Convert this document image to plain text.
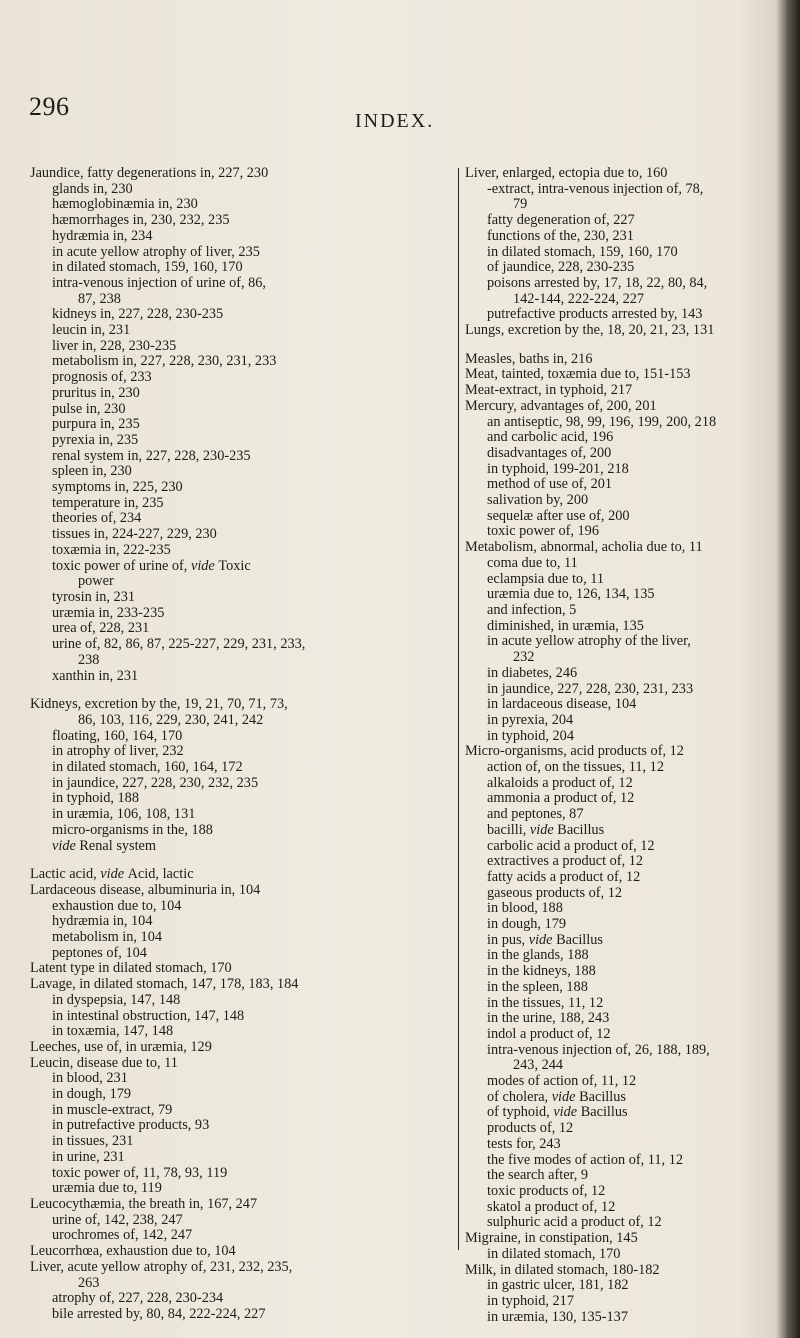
296	INDEX.
Jaundice, fatty degenerations in, 227, 230
glands in, 230
hæmoglobinæmia in, 230
hæmorrhages in, 230, 232, 235
hydræmia in, 234
in acute yellow atrophy of liver, 235
in dilated stomach, 159, 160, 170
intra-venous injection of urine of, 86,
87, 238
kidneys in, 227, 228, 230-235
leucin in, 231
liver in, 228, 230-235
metabolism in, 227, 228, 230, 231, 233
prognosis of, 233
pruritus in, 230
pulse in, 230
purpura in, 235
pyrexia in, 235
renal system in, 227, 228, 230-235
spleen in, 230
symptoms in, 225, 230
temperature in, 235
theories of, 234
tissues in, 224-227, 229, 230
toxæmia in, 222-235
toxic power of urine of, vide Toxic
power
tyrosin in, 231
uræmia in, 233-235
urea of, 228, 231
urine of, 82, 86, 87, 225-227, 229, 231, 233,
238
xanthin in, 231
Kidneys, excretion by the, 19, 21, 70, 71, 73,
86, 103, 116, 229, 230, 241, 242
floating, 160, 164, 170
in atrophy of liver, 232
in dilated stomach, 160, 164, 172
in jaundice, 227, 228, 230, 232, 235
in typhoid, 188
in uræmia, 106, 108, 131
micro-organisms in the, 188
vide Renal system
Lactic acid, vide Acid, lactic
Lardaceous disease, albuminuria in, 104
exhaustion due to, 104
hydræmia in, 104
metabolism in, 104
peptones of, 104
Latent type in dilated stomach, 170
Lavage, in dilated stomach, 147, 178, 183, 184
in dyspepsia, 147, 148
in intestinal obstruction, 147, 148
in toxæmia, 147, 148
Leeches, use of, in uræmia, 129
Leucin, disease due to, 11
in blood, 231
in dough, 179
in muscle-extract, 79
in putrefactive products, 93
in tissues, 231
in urine, 231
toxic power of, 11, 78, 93, 119
uræmia due to, 119
Leucocythæmia, the breath in, 167, 247
urine of, 142, 238, 247
urochromes of, 142, 247
Leucorrhœa, exhaustion due to, 104
Liver, acute yellow atrophy of, 231, 232, 235,
263
atrophy of, 227, 228, 230-234
bile arrested by, 80, 84, 222-224, 227
Liver, enlarged, ectopia due to, 160
-extract, intra-venous injection of, 78,
79
fatty degeneration of, 227
functions of the, 230, 231
in dilated stomach, 159, 160, 170
of jaundice, 228, 230-235
poisons arrested by, 17, 18, 22, 80, 84,
142-144, 222-224, 227
putrefactive products arrested by, 143
Lungs, excretion by the, 18, 20, 21, 23, 131
Measles, baths in, 216
Meat, tainted, toxæmia due to, 151-153
Meat-extract, in typhoid, 217
Mercury, advantages of, 200, 201
an antiseptic, 98, 99, 196, 199, 200, 218
and carbolic acid, 196
disadvantages of, 200
in typhoid, 199-201, 218
method of use of, 201
salivation by, 200
sequelæ after use of, 200
toxic power of, 196
Metabolism, abnormal, acholia due to, 11
coma due to, 11
eclampsia due to, 11
uræmia due to, 126, 134, 135
and infection, 5
diminished, in uræmia, 135
in acute yellow atrophy of the liver,
232
in diabetes, 246
in jaundice, 227, 228, 230, 231, 233
in lardaceous disease, 104
in pyrexia, 204
in typhoid, 204
Micro-organisms, acid products of, 12
action of, on the tissues, 11, 12
alkaloids a product of, 12
ammonia a product of, 12
and peptones, 87
bacilli, vide Bacillus
carbolic acid a product of, 12
extractives a product of, 12
fatty acids a product of, 12
gaseous products of, 12
in blood, 188
in dough, 179
in pus, vide Bacillus
in the glands, 188
in the kidneys, 188
in the spleen, 188
in the tissues, 11, 12
in the urine, 188, 243
indol a product of, 12
intra-venous injection of, 26, 188, 189,
243, 244
modes of action of, 11, 12
of cholera, vide Bacillus
of typhoid, vide Bacillus
products of, 12
tests for, 243
the five modes of action of, 11, 12
the search after, 9
toxic products of, 12
skatol a product of, 12
sulphuric acid a product of, 12
Migraine, in constipation, 145
in dilated stomach, 170
Milk, in dilated stomach, 180-182
in gastric ulcer, 181, 182
in typhoid, 217
in uræmia, 130, 135-137
